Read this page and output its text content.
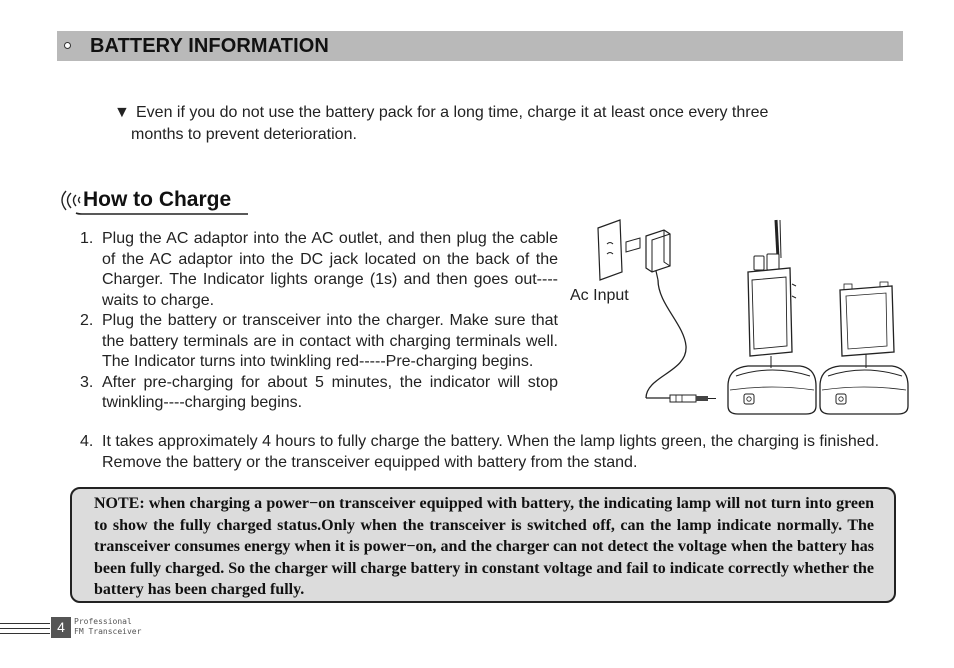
BATTERY INFORMATION
▼ Even if you do not use the battery pack for a long time, charge it at least once every three
months to prevent deterioration.
How to Charge
1. Plug the AC adaptor into the AC outlet, and then plug the cable of the AC adaptor into the DC jack located on the back of the Charger. The Indicator lights orange (1s) and then goes out----waits to charge.
2. Plug the battery or transceiver into the charger. Make sure that the battery terminals are in contact with charging terminals well. The Indicator turns into twinkling red-----Pre-charging begins.
3. After pre-charging for about 5 minutes, the indicator will stop twinkling----charging begins.
4. It takes approximately 4 hours to fully charge the battery. When the lamp lights green, the charging is finished. Remove the battery or the transceiver equipped with battery from the stand.
Ac Input
NOTE: when charging a power−on transceiver equipped with battery, the indicating lamp will not turn into green to show the fully charged status.Only when the transceiver is switched off, can the lamp indicate normally. The transceiver consumes energy when it is power−on, and the charger can not detect the voltage when the battery has been fully charged. So the charger will charge battery in constant voltage and fail to indicate correctly whether the battery has been charged fully.
4	Professional
FM Transceiver
